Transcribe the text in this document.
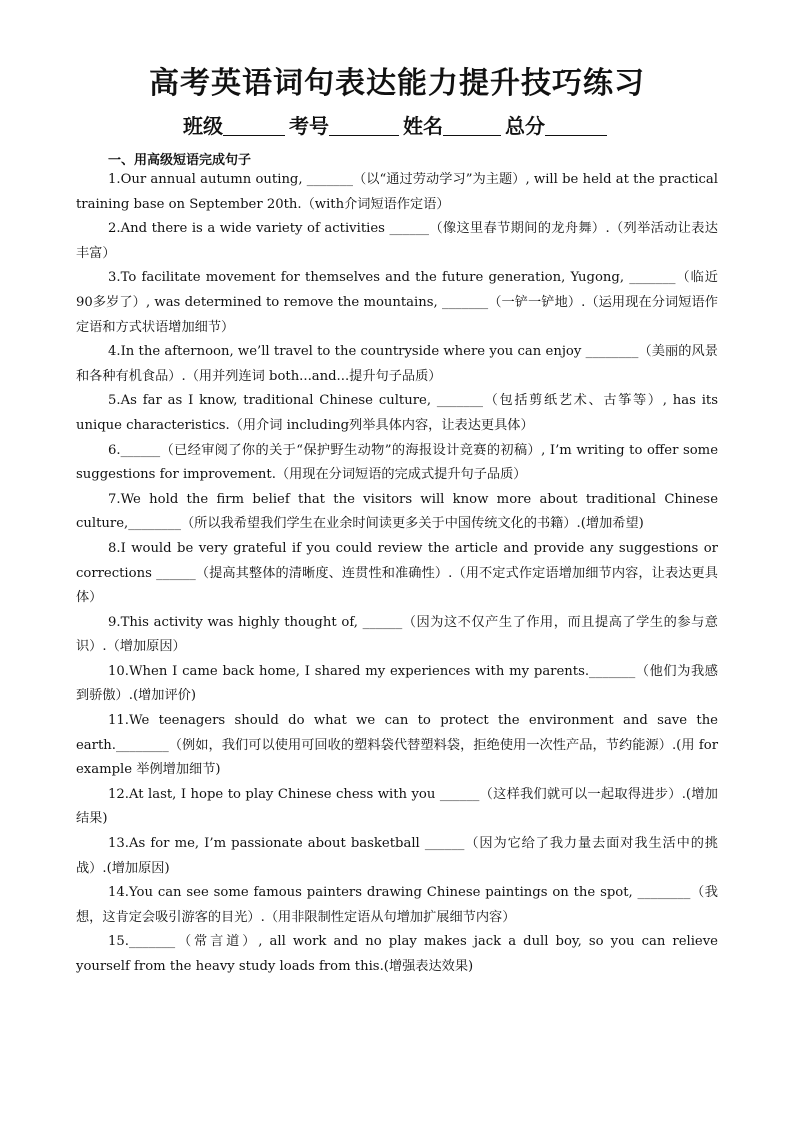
高考英语词句表达能力提升技巧练习
班级	考号	姓名	总分
一、用高级短语完成句子

1.Our annual autumn outing, _______（以“通过劳动学习”为主题）, will be held at the practical training base on September 20th.（with介词短语作定语）

2.And there is a wide variety of activities ______（像这里春节期间的龙舟舞）.（列举活动让表达丰富）

3.To facilitate movement for themselves and the future generation, Yugong, _______（临近90多岁了）, was determined to remove the mountains, _______（一铲一铲地）.（运用现在分词短语作定语和方式状语增加细节）

4.In the afternoon, we’ll travel to the countryside where you can enjoy ________（美丽的风景和各种有机食品）.（用并列连词 both...and...提升句子品质）

5.As far as I know, traditional Chinese culture, _______（包括剪纸艺术、古筝等）, has its unique characteristics.（用介词 including列举具体内容，让表达更具体）

6.______（已经审阅了你的关于“保护野生动物”的海报设计竞赛的初稿）, I’m writing to offer some suggestions for improvement.（用现在分词短语的完成式提升句子品质）

7.We hold the firm belief that the visitors will know more about traditional Chinese culture,________（所以我希望我们学生在业余时间读更多关于中国传统文化的书籍）.(增加希望)

8.I would be very grateful if you could review the article and provide any suggestions or corrections ______（提高其整体的清晰度、连贯性和准确性）.（用不定式作定语增加细节内容，让表达更具体）

9.This activity was highly thought of, ______（因为这不仅产生了作用，而且提高了学生的参与意识）.（增加原因）

10.When I came back home, I shared my experiences with my parents._______（他们为我感到骄傲）.(增加评价)

11.We teenagers should do what we can to protect the environment and save the earth.________（例如，我们可以使用可回收的塑料袋代替塑料袋，拒绝使用一次性产品，节约能源）.(用 for example 举例增加细节)

12.At last, I hope to play Chinese chess with you ______（这样我们就可以一起取得进步）.(增加结果)

13.As for me, I’m passionate about basketball ______（因为它给了我力量去面对我生活中的挑战）.(增加原因)

14.You can see some famous painters drawing Chinese paintings on the spot, ________（我想，这肯定会吸引游客的目光）.（用非限制性定语从句增加扩展细节内容）

15._______（常言道）, all work and no play makes jack a dull boy, so you can relieve yourself from the heavy study loads from this.(增强表达效果)
